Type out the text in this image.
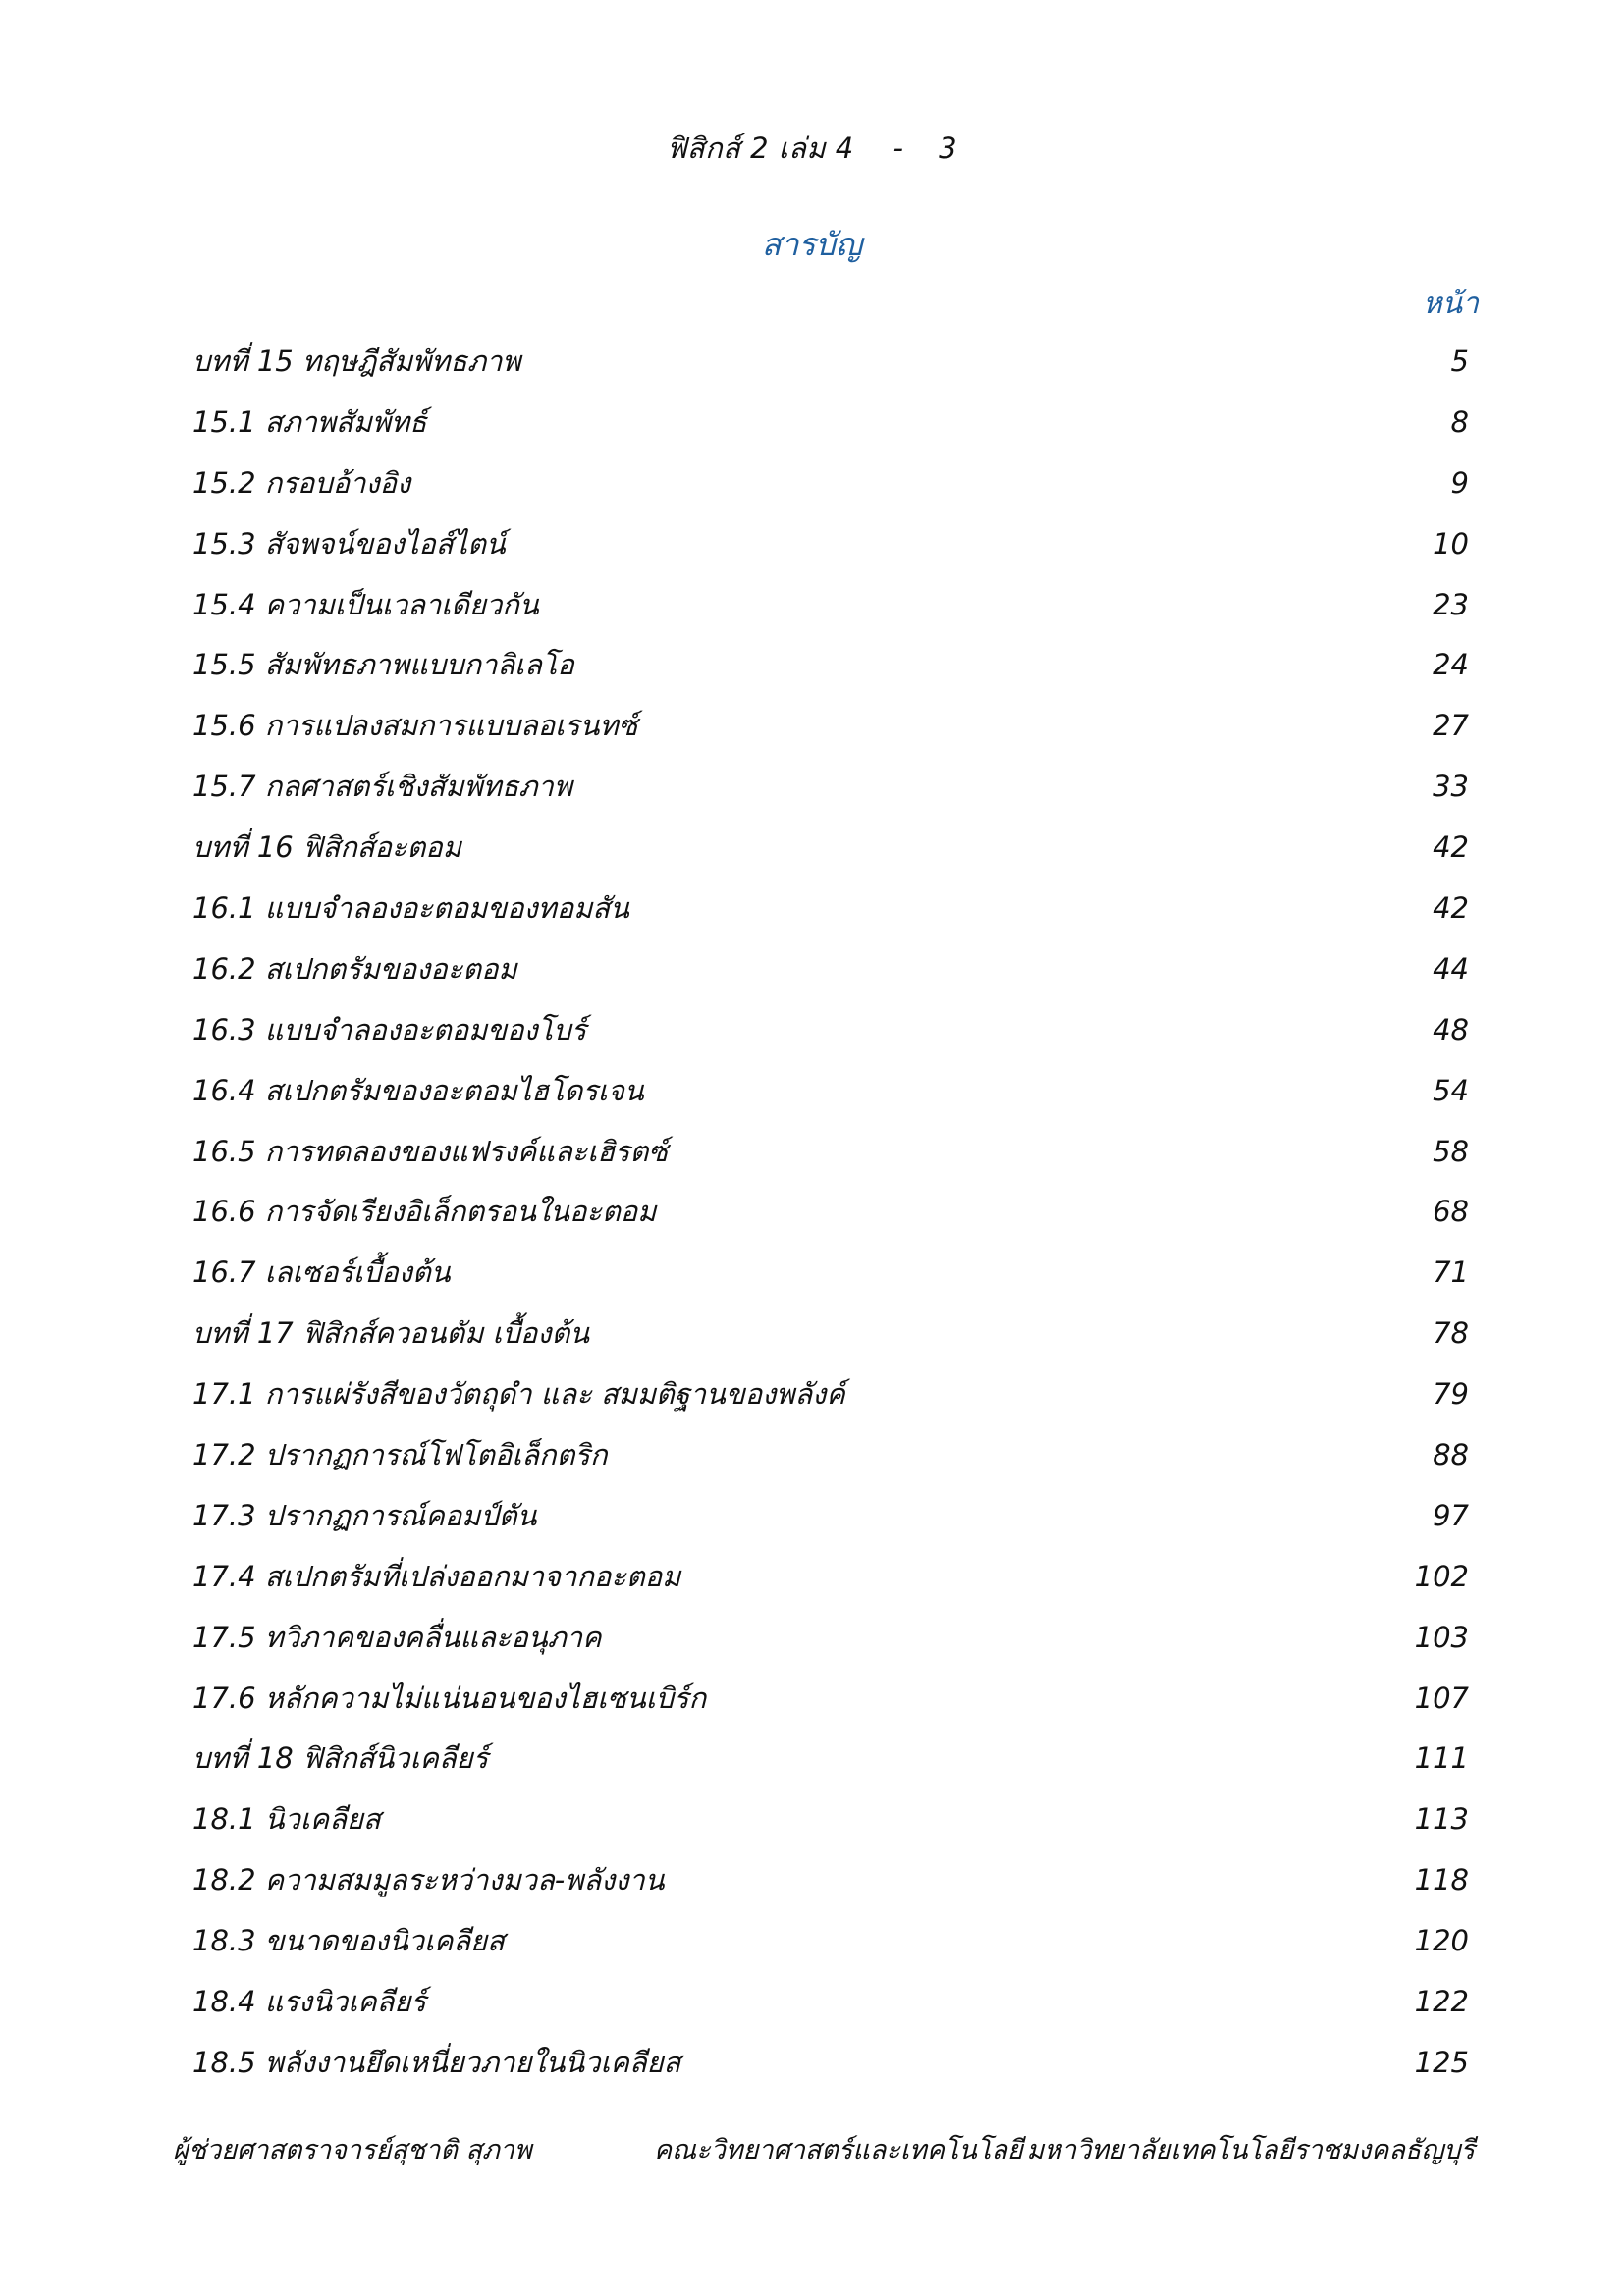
ฟิสิกส์ 2 เล่ม 4 - 3
สารบัญ
หน้า
บทที่ 15 ทฤษฎีสัมพัทธภาพ	5
15.1 สภาพสัมพัทธ์	8
15.2 กรอบอ้างอิง	9
15.3 สัจพจน์ของไอส์ไตน์	10
15.4 ความเป็นเวลาเดียวกัน	23
15.5 สัมพัทธภาพแบบกาลิเลโอ	24
15.6 การแปลงสมการแบบลอเรนทซ์	27
15.7 กลศาสตร์เชิงสัมพัทธภาพ	33
บทที่ 16 ฟิสิกส์อะตอม	42
16.1 แบบจำลองอะตอมของทอมสัน	42
16.2 สเปกตรัมของอะตอม	44
16.3 แบบจำลองอะตอมของโบร์	48
16.4 สเปกตรัมของอะตอมไฮโดรเจน	54
16.5 การทดลองของแฟรงค์และเฮิรตซ์	58
16.6 การจัดเรียงอิเล็กตรอนในอะตอม	68
16.7 เลเซอร์เบื้องต้น	71
บทที่ 17 ฟิสิกส์ควอนตัม เบื้องต้น	78
17.1 การแผ่รังสีของวัตถุดำ และ สมมติฐานของพลังค์	79
17.2 ปรากฏการณ์โฟโตอิเล็กตริก	88
17.3 ปรากฏการณ์คอมป์ตัน	97
17.4 สเปกตรัมที่เปล่งออกมาจากอะตอม	102
17.5 ทวิภาคของคลื่นและอนุภาค	103
17.6 หลักความไม่แน่นอนของไฮเซนเบิร์ก	107
บทที่ 18 ฟิสิกส์นิวเคลียร์	111
18.1 นิวเคลียส	113
18.2 ความสมมูลระหว่างมวล-พลังงาน	118
18.3 ขนาดของนิวเคลียส	120
18.4 แรงนิวเคลียร์	122
18.5 พลังงานยึดเหนี่ยวภายในนิวเคลียส	125
ผู้ช่วยศาสตราจารย์สุชาติ สุภาพ	คณะวิทยาศาสตร์และเทคโนโลยี มหาวิทยาลัยเทคโนโลยีราชมงคลธัญบุรี
